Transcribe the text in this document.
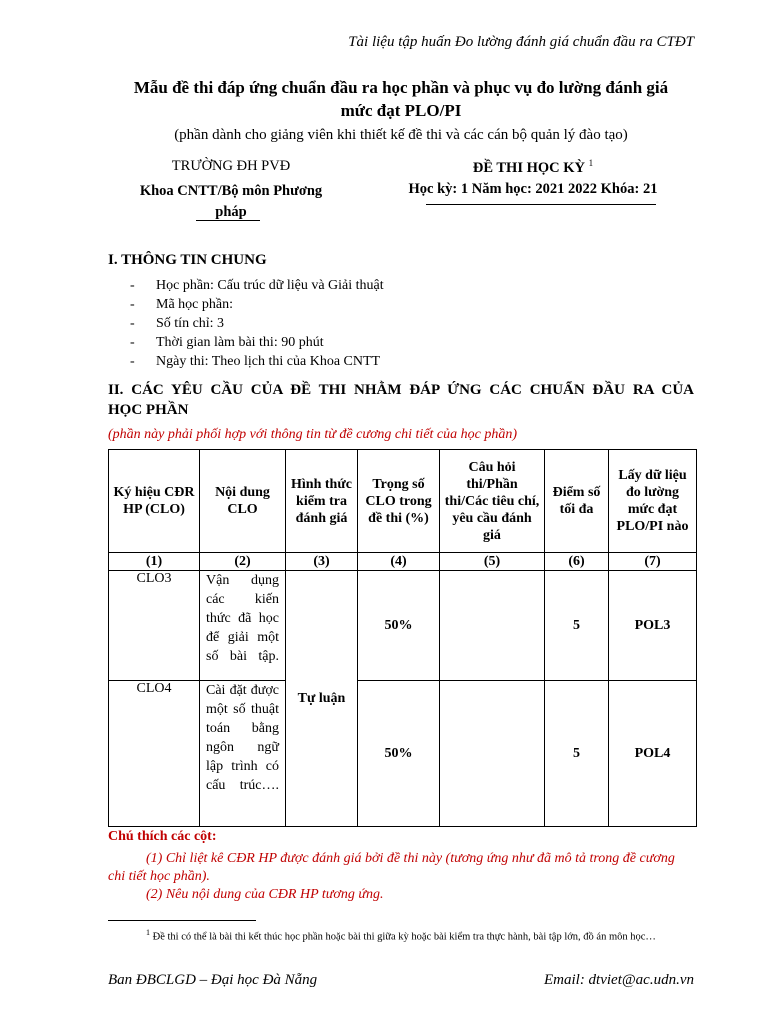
Tài liệu tập huấn Đo lường đánh giá chuẩn đầu ra CTĐT
Mẫu đề thi đáp ứng chuẩn đầu ra học phần và phục vụ đo lường đánh giá
mức đạt PLO/PI
(phần dành cho giảng viên khi thiết kế đề thi và các cán bộ quản lý đào tạo)
TRƯỜNG ĐH PVĐ
Khoa CNTT/Bộ môn Phương
pháp
ĐỀ THI HỌC KỲ $^1$
Học kỳ: 1 Năm học: 2021 2022 Khóa: 21
I. THÔNG TIN CHUNG
- Học phần: Cấu trúc dữ liệu và Giải thuật
- Mã học phần:
- Số tín chỉ: 3
- Thời gian làm bài thi: 90 phút
- Ngày thi: Theo lịch thi của Khoa CNTT
II. CÁC YÊU CẦU CỦA ĐỀ THI NHẰM ĐÁP ỨNG CÁC CHUẨN ĐẦU RA CỦA
HỌC PHẦN
(phần này phải phối hợp với thông tin từ đề cương chi tiết của học phần)
Ký hiệu CĐR HP (CLO)	Nội dung CLO	Hình thức kiểm tra đánh giá	Trọng số CLO trong đề thi (%)	Câu hỏi thi/Phần thi/Các tiêu chí, yêu cầu đánh giá	Điểm số tối đa	Lấy dữ liệu đo lường mức đạt PLO/PI nào
(1)	(2)	(3)	(4)	(5)	(6)	(7)
CLO3	Vận dụng các kiến thức đã học để giải một số bài tập.	Tự luận	50%		5	POL3
CLO4	Cài đặt được một số thuật toán bằng ngôn ngữ lập trình có cấu trúc….		50%		5	POL4
Chú thích các cột:
(1) Chỉ liệt kê CĐR HP được đánh giá bởi đề thi này (tương ứng như đã mô tả trong đề cương chi tiết học phần).
(2) Nêu nội dung của CĐR HP tương ứng.
$^1$ Đề thi có thể là bài thi kết thúc học phần hoặc bài thi giữa kỳ hoặc bài kiểm tra thực hành, bài tập lớn, đồ án môn học…
Ban ĐBCLGD – Đại học Đà Nẵng	Email: dtviet@ac.udn.vn
